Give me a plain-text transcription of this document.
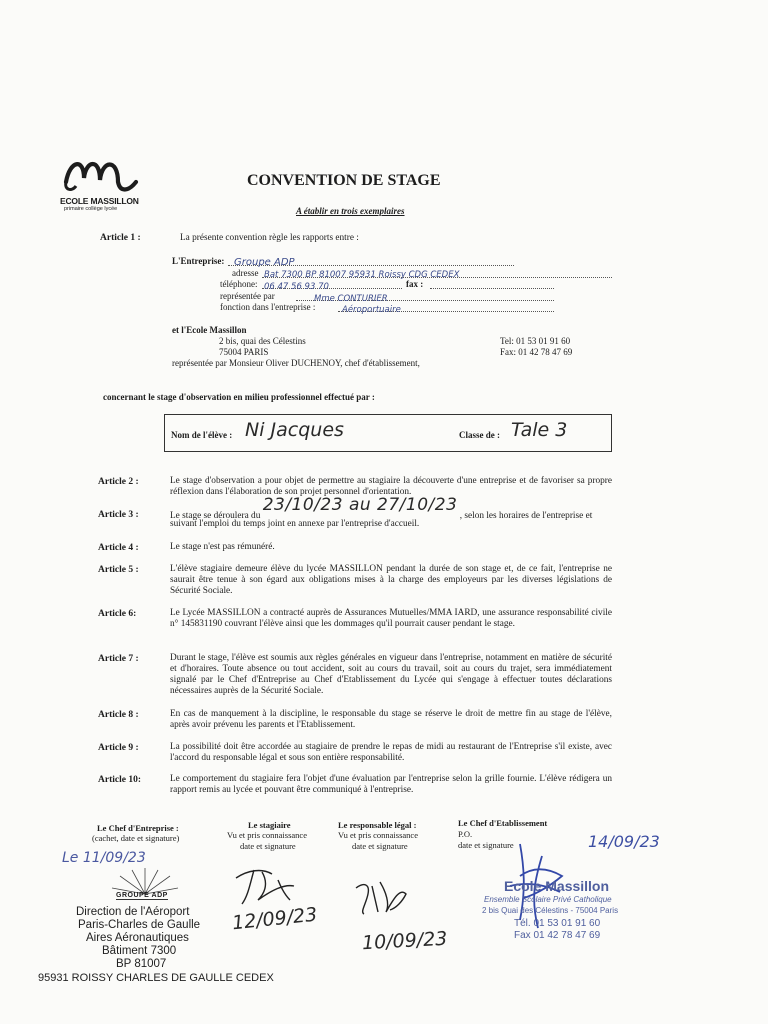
ECOLE MASSILLON
primaire collège lycée
CONVENTION DE STAGE
A établir en trois exemplaires
Article 1 :	La présente convention règle les rapports entre :
L'Entreprise: Groupe ADP
adresse Bat 7300 BP 81007 95931 Roissy CDG CEDEX
téléphone: 06 47 56 93 70	fax :
représentée par	Mme CONTURIER
fonction dans l'entreprise :	Aéroportuaire
et l'Ecole Massillon
2 bis, quai des Célestins
75004 PARIS
Tel: 01 53 01 91 60
Fax: 01 42 78 47 69
représentée par Monsieur Oliver DUCHENOY, chef d'établissement,
concernant le stage d'observation en milieu professionnel effectué par :
Nom de l'élève : Ni Jacques	Classe de : Tale 3
Article 2 :	Le stage d'observation a pour objet de permettre au stagiaire la découverte d'une entreprise et de favoriser sa propre réflexion dans l'élaboration de son projet personnel d'orientation.
Article 3 :	Le stage se déroulera du 23/10/23 au 27/10/23 , selon les horaires de l'entreprise et
suivant l'emploi du temps joint en annexe par l'entreprise d'accueil.
Article 4 :	Le stage n'est pas rémunéré.
Article 5 :	L'élève stagiaire demeure élève du lycée MASSILLON pendant la durée de son stage et, de ce fait, l'entreprise ne saurait être tenue à son égard aux obligations mises à la charge des employeurs par les diverses législations de Sécurité Sociale.
Article 6:	Le Lycée MASSILLON a contracté auprès de Assurances Mutuelles/MMA IARD, une assurance responsabilité civile n° 145831190 couvrant l'élève ainsi que les dommages qu'il pourrait causer pendant le stage.
Article 7 :	Durant le stage, l'élève est soumis aux règles générales en vigueur dans l'entreprise, notamment en matière de sécurité et d'horaires. Toute absence ou tout accident, soit au cours du travail, soit au cours du trajet, sera immédiatement signalé par le Chef d'Entreprise au Chef d'Etablissement du Lycée qui s'engage à effectuer toutes déclarations nécessaires auprès de la Sécurité Sociale.
Article 8 :	En cas de manquement à la discipline, le responsable du stage se réserve le droit de mettre fin au stage de l'élève, après avoir prévenu les parents et l'Etablissement.
Article 9 :	La possibilité doit être accordée au stagiaire de prendre le repas de midi au restaurant de l'Entreprise s'il existe, avec l'accord du responsable légal et sous son entière responsabilité.
Article 10:	Le comportement du stagiaire fera l'objet d'une évaluation par l'entreprise selon la grille fournie. L'élève rédigera un rapport remis au lycée et pouvant être communiqué à l'entreprise.
Le Chef d'Entreprise :
(cachet, date et signature)
Le stagiaire
Vu et pris connaissance
date et signature
Le responsable légal :
Vu et pris connaissance
date et signature
Le Chef d'Etablissement
P.O.
date et signature
Le 11/09/23
12/09/23
10/09/23
14/09/23
GROUPE ADP
Direction de l'Aéroport
Paris-Charles de Gaulle
Aires Aéronautiques
Bâtiment 7300
BP 81007
95931 ROISSY CHARLES DE GAULLE CEDEX
Ecole Massillon
Ensemble Scolaire Privé Catholique
2 bis Quai des Célestins - 75004 Paris
Tél. 01 53 01 91 60
Fax 01 42 78 47 69
